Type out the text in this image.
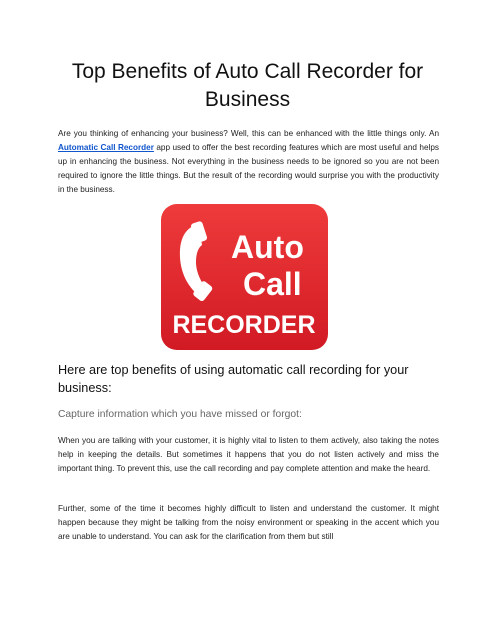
Top Benefits of Auto Call Recorder for Business

Are you thinking of enhancing your business? Well, this can be enhanced with the little things only. An Automatic Call Recorder app used to offer the best recording features which are most useful and helps up in enhancing the business. Not everything in the business needs to be ignored so you are not been required to ignore the little things. But the result of the recording would surprise you with the productivity in the business.

Auto
Call
RECORDER
Here are top benefits of using automatic call recording for your business:
Capture information which you have missed or forgot:

When you are talking with your customer, it is highly vital to listen to them actively, also taking the notes help in keeping the details. But sometimes it happens that you do not listen actively and miss the important thing. To prevent this, use the call recording and pay complete attention and make the heard.

Further, some of the time it becomes highly difficult to listen and understand the customer. It might happen because they might be talking from the noisy environment or speaking in the accent which you are unable to understand. You can ask for the clarification from them but still
